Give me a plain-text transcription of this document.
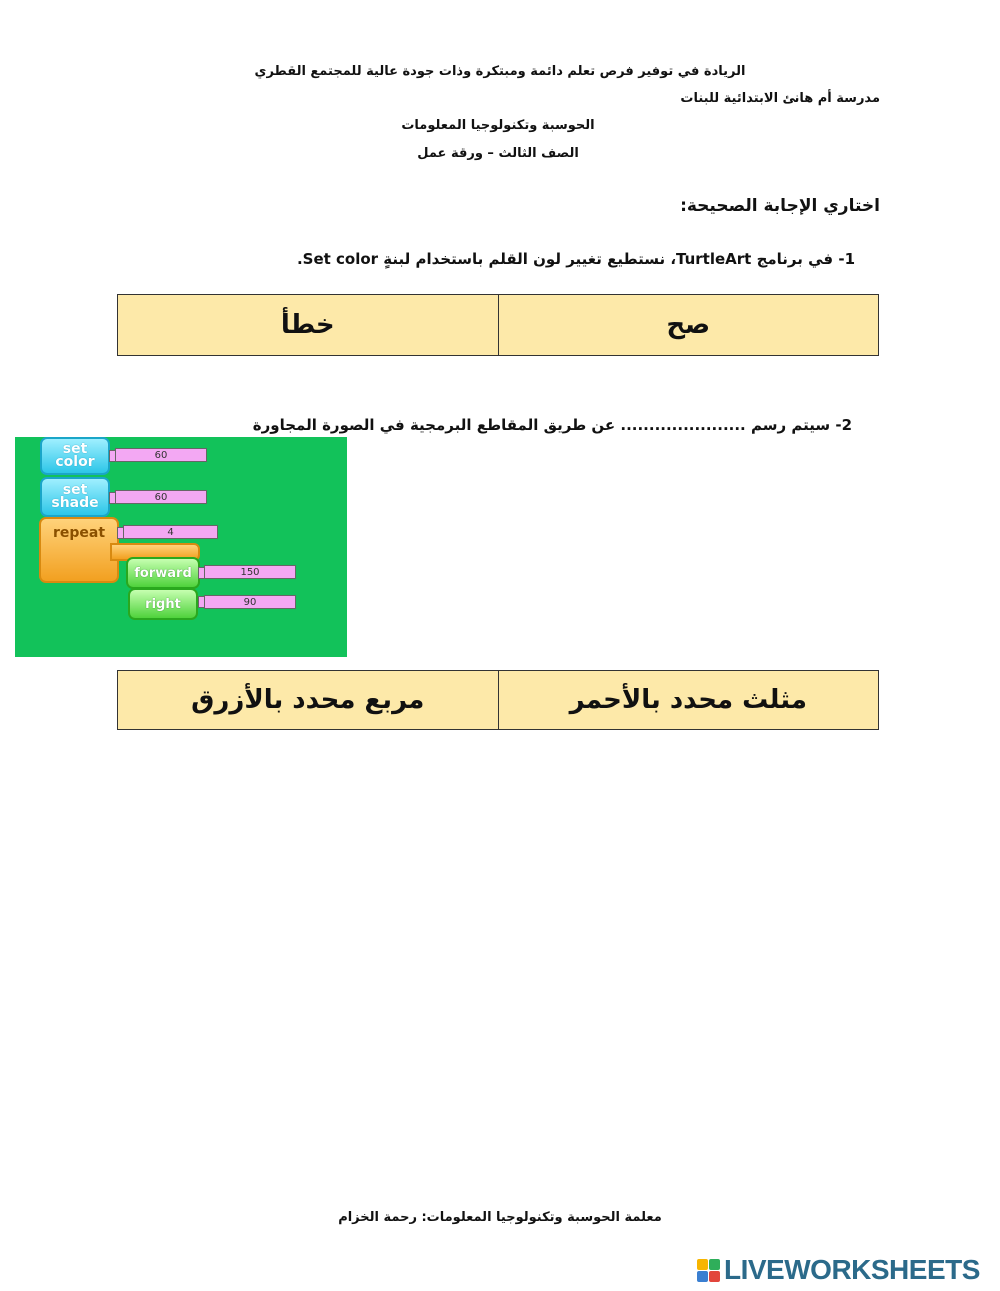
الريادة في توفير فرص تعلم دائمة ومبتكرة وذات جودة عالية للمجتمع القطري
مدرسة أم هانئ الابتدائية للبنات
الحوسبة وتكنولوجيا المعلومات
الصف الثالث – ورقة عمل
اختاري الإجابة الصحيحة:
1- في برنامج TurtleArt، نستطيع تغيير لون القلم باستخدام لبنةٍ Set color.
خطأ	صح
2- سيتم رسم ...................... عن طريق المقاطع البرمجية في الصورة المجاورة
set color	60
set shade	60
repeat	4
forward	150
right	90
مربع محدد بالأزرق	مثلث محدد بالأحمر
معلمة الحوسبة وتكنولوجيا المعلومات: رحمة الخزام
LIVEWORKSHEETS
